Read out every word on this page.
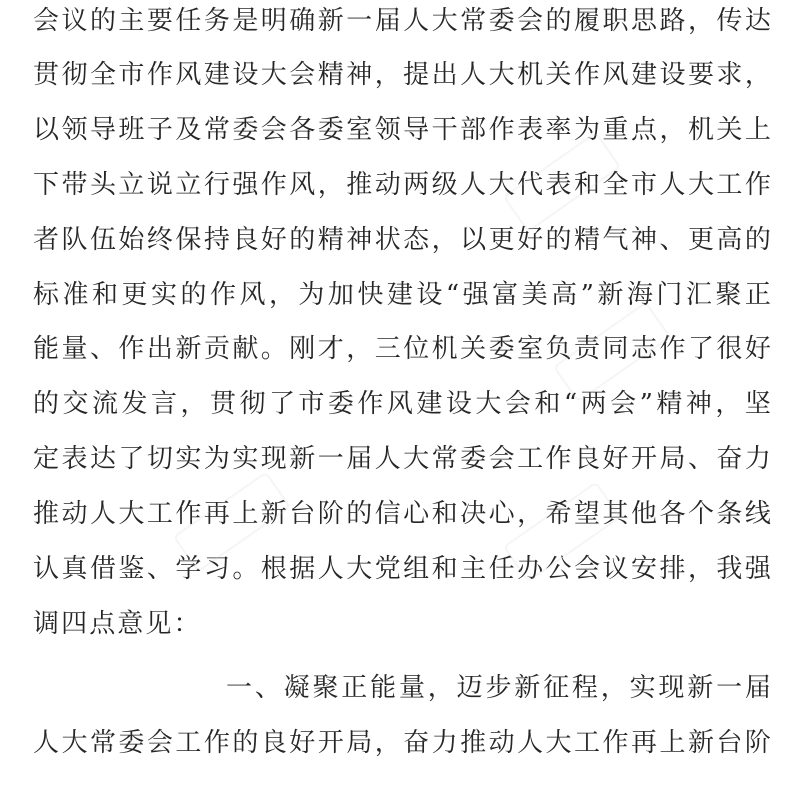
会议的主要任务是明确新一届人大常委会的履职思路，传达
贯彻全市作风建设大会精神，提出人大机关作风建设要求，
以领导班子及常委会各委室领导干部作表率为重点，机关上
下带头立说立行强作风，推动两级人大代表和全市人大工作
者队伍始终保持良好的精神状态，以更好的精气神、更高的
标准和更实的作风，为加快建设“强富美高”新海门汇聚正
能量、作出新贡献。刚才，三位机关委室负责同志作了很好
的交流发言，贯彻了市委作风建设大会和“两会”精神，坚
定表达了切实为实现新一届人大常委会工作良好开局、奋力
推动人大工作再上新台阶的信心和决心，希望其他各个条线
认真借鉴、学习。根据人大党组和主任办公会议安排，我强
调四点意见：
一、凝聚正能量，迈步新征程，实现新一届
人大常委会工作的良好开局，奋力推动人大工作再上新台阶
